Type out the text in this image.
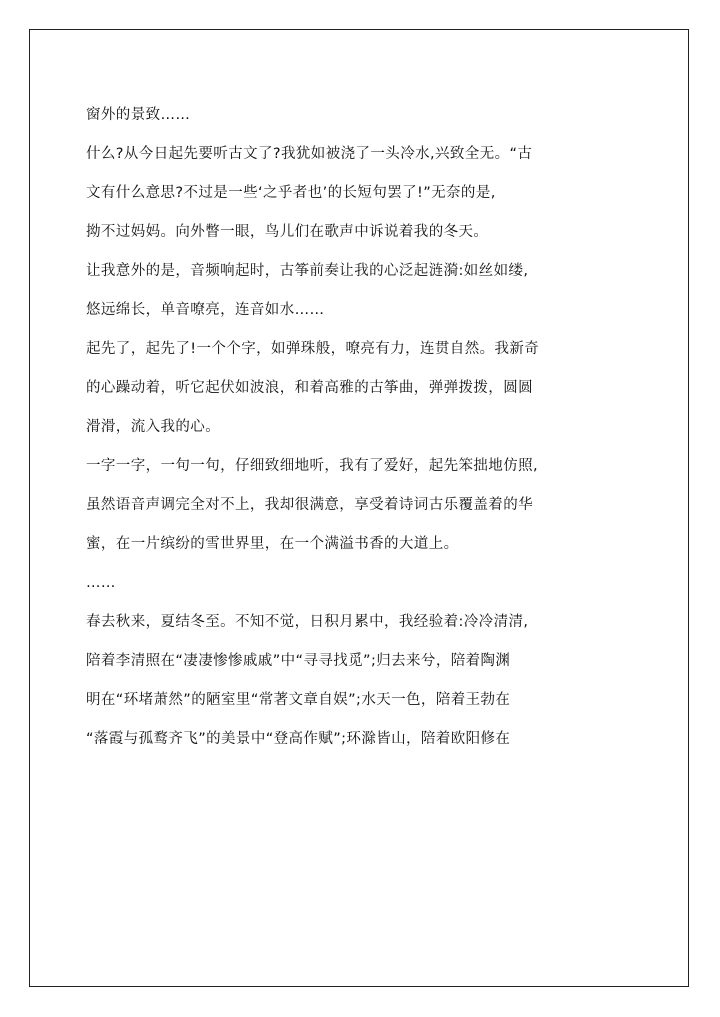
窗外的景致……
什么?从今日起先要听古文了?我犹如被浇了一头冷水,兴致全无。“古
文有什么意思?不过是一些‘之乎者也’的长短句罢了!”无奈的是,
拗不过妈妈。向外瞥一眼，鸟儿们在歌声中诉说着我的冬天。
让我意外的是，音频响起时，古筝前奏让我的心泛起涟漪:如丝如缕,
悠远绵长，单音嘹亮，连音如水……
起先了，起先了!一个个字，如弹珠般，嘹亮有力，连贯自然。我新奇
的心躁动着，听它起伏如波浪，和着高雅的古筝曲，弹弹拨拨，圆圆
滑滑，流入我的心。
一字一字，一句一句，仔细致细地听，我有了爱好，起先笨拙地仿照,
虽然语音声调完全对不上，我却很满意，享受着诗词古乐覆盖着的华
蜜，在一片缤纷的雪世界里，在一个满溢书香的大道上。
……
春去秋来，夏结冬至。不知不觉，日积月累中，我经验着:冷冷清清,
陪着李清照在“凄凄惨惨戚戚”中“寻寻找觅”;归去来兮，陪着陶渊
明在“环堵萧然”的陋室里“常著文章自娱”;水天一色，陪着王勃在
“落霞与孤鹜齐飞”的美景中“登高作赋”;环滁皆山，陪着欧阳修在
